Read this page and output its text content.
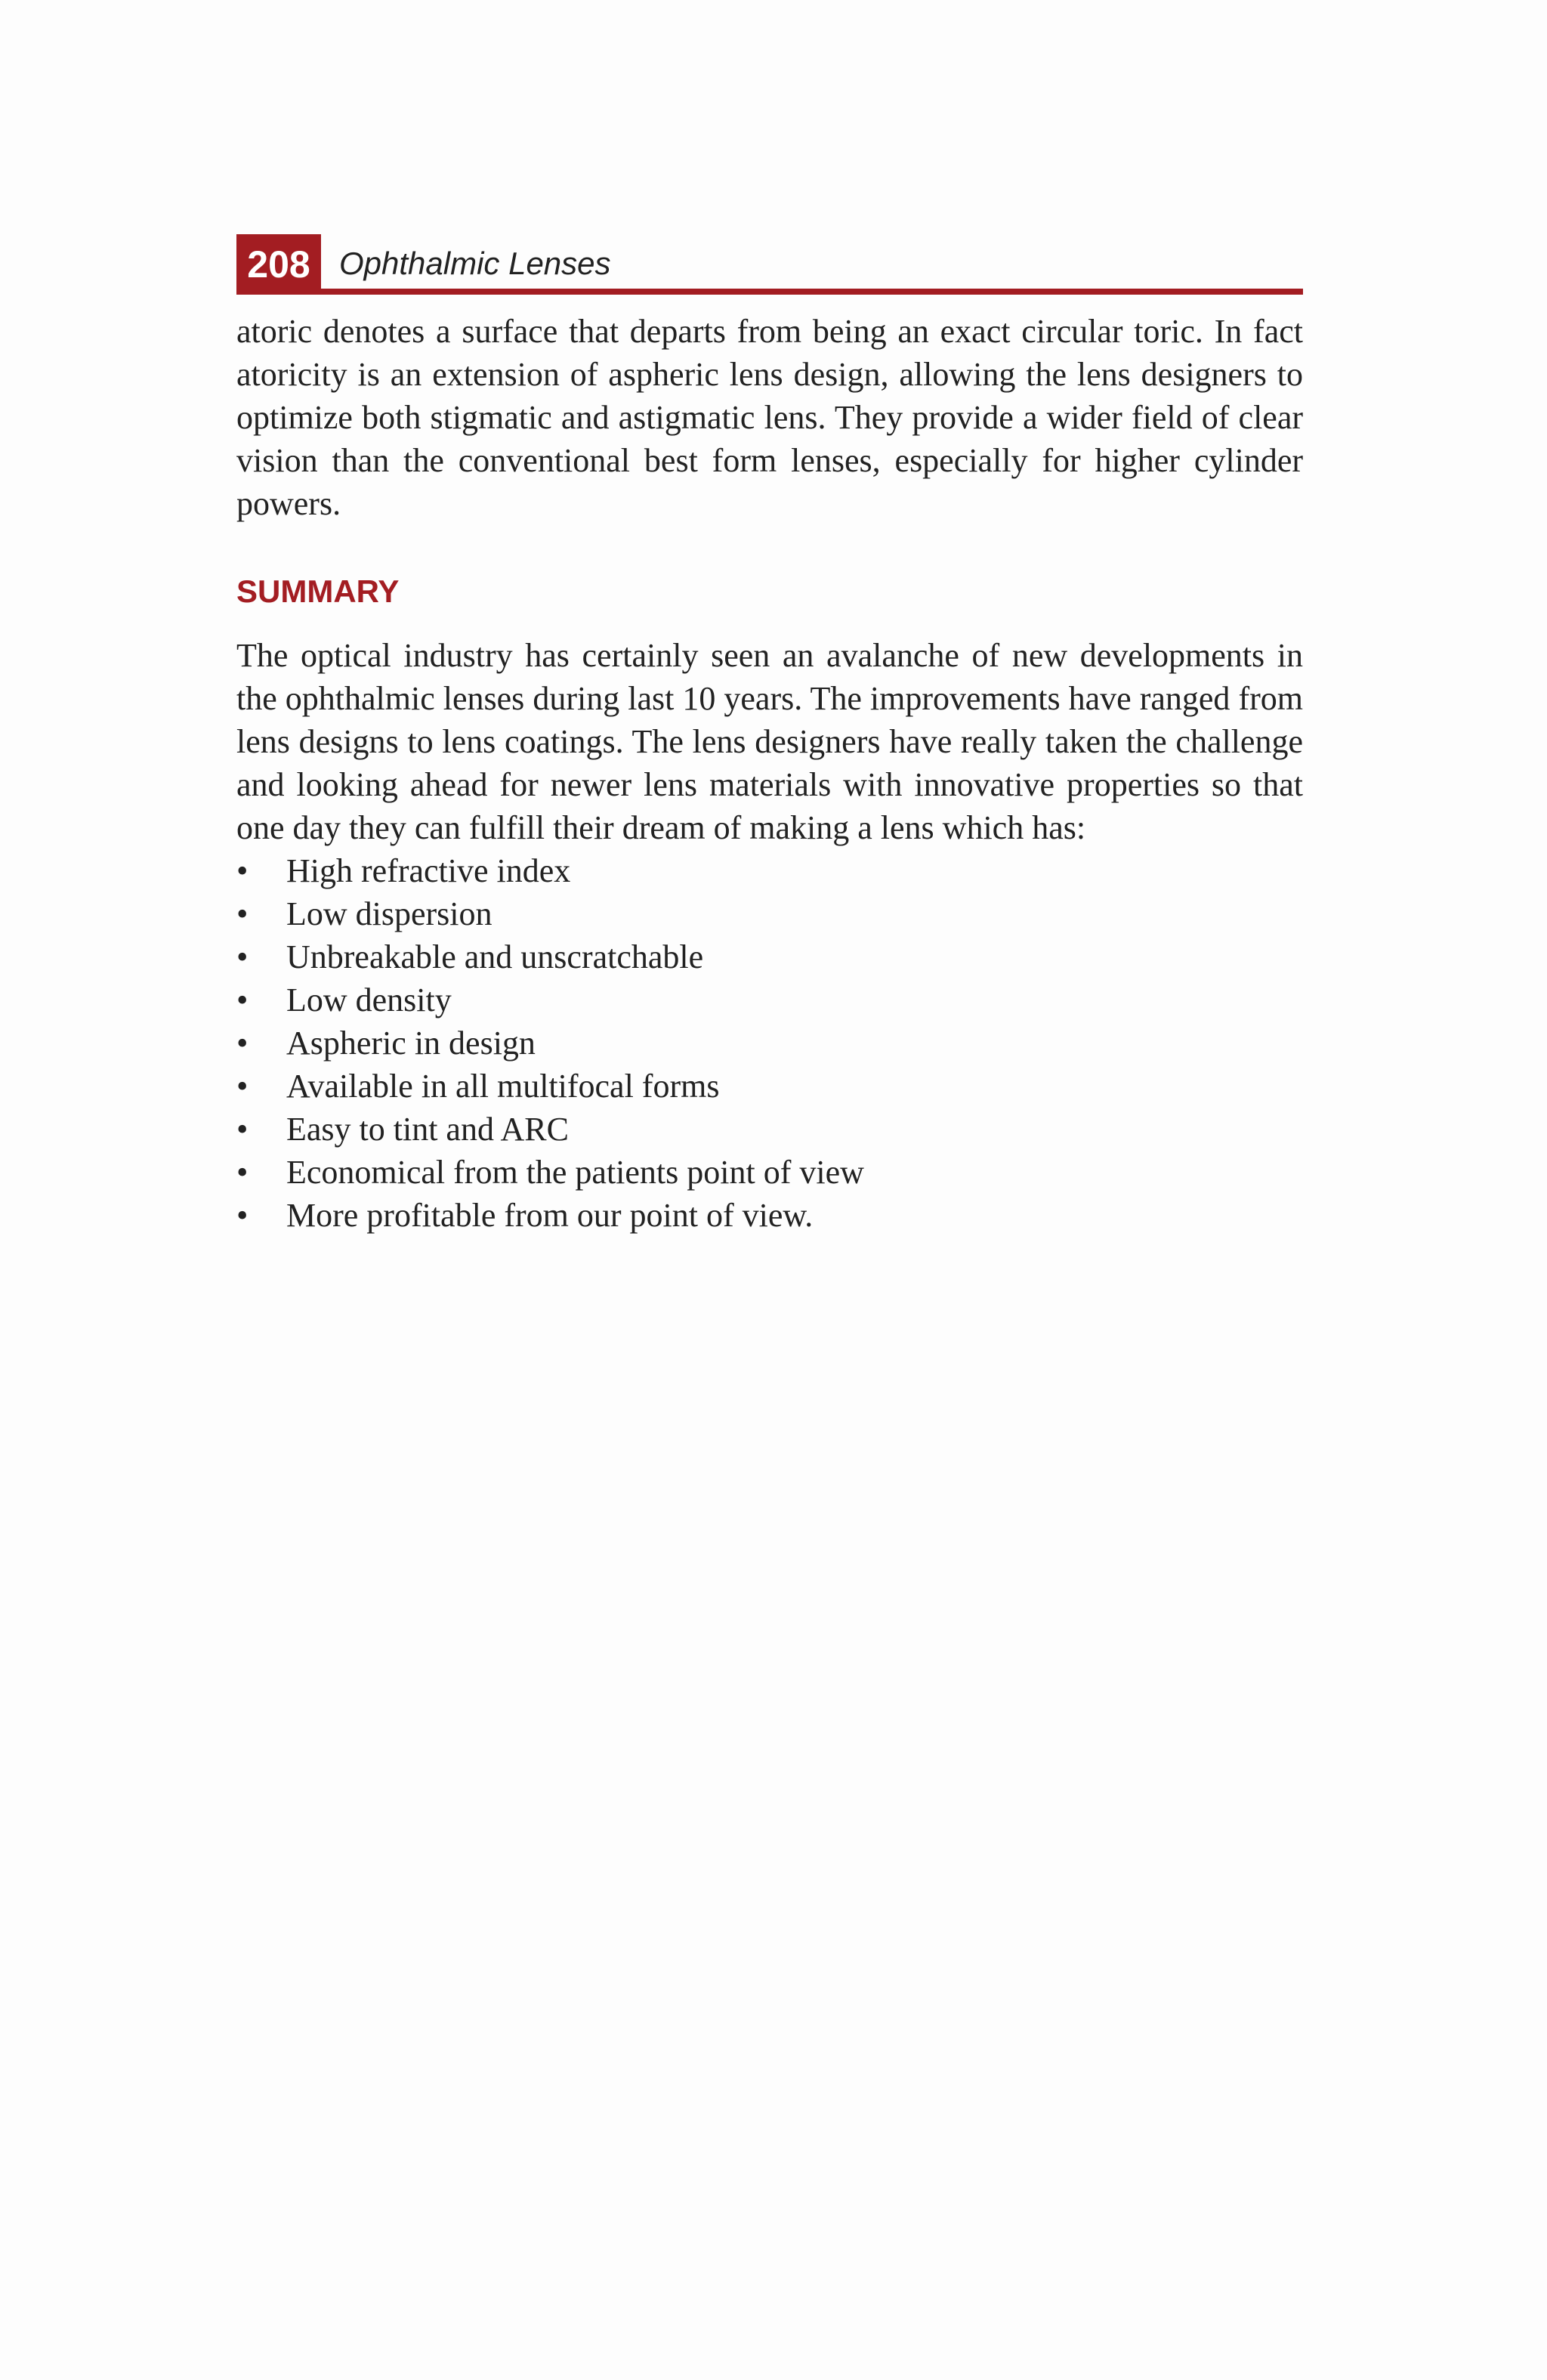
208 Ophthalmic Lenses

atoric denotes a surface that departs from being an exact circular toric. In fact atoricity is an extension of aspheric lens design, allowing the lens designers to optimize both stigmatic and astigmatic lens. They provide a wider field of clear vision than the conventional best form lenses, especially for higher cylinder powers.

SUMMARY

The optical industry has certainly seen an avalanche of new developments in the ophthalmic lenses during last 10 years. The improvements have ranged from lens designs to lens coatings. The lens designers have really taken the challenge and looking ahead for newer lens materials with innovative properties so that one day they can fulfill their dream of making a lens which has:

• High refractive index
• Low dispersion
• Unbreakable and unscratchable
• Low density
• Aspheric in design
• Available in all multifocal forms
• Easy to tint and ARC
• Economical from the patients point of view
• More profitable from our point of view.
